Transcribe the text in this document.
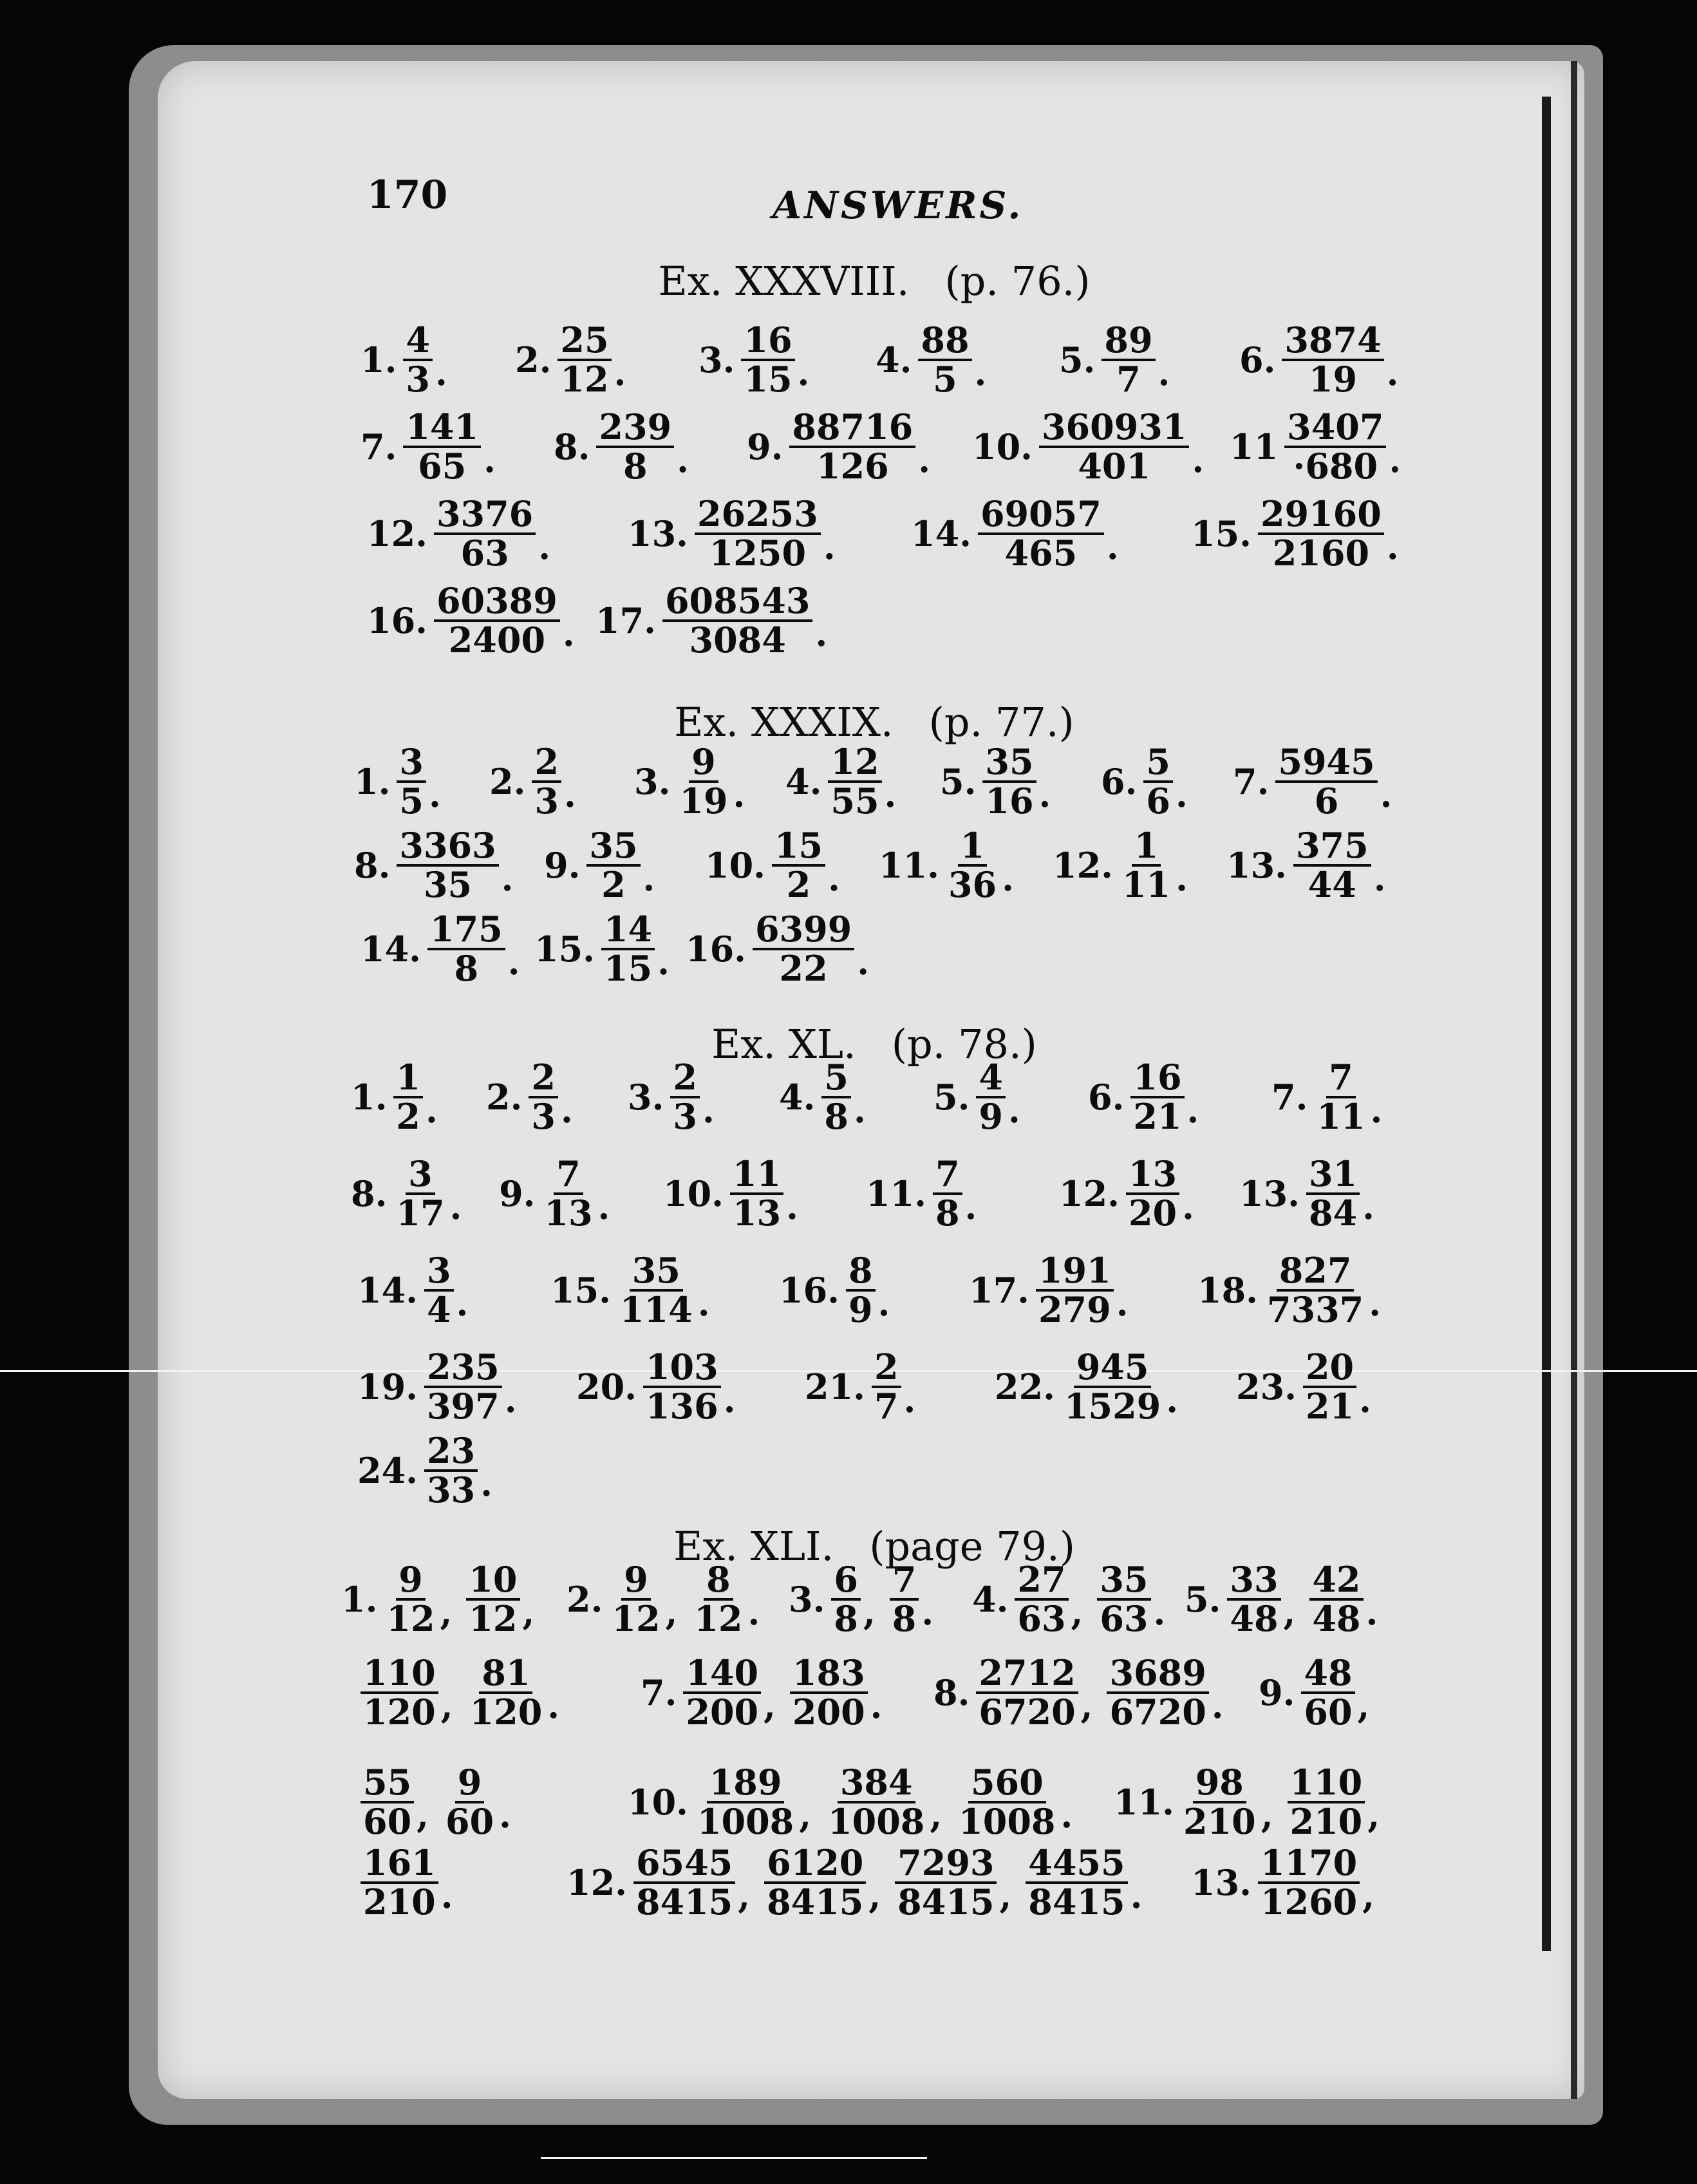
170	ANSWERS.
Ex. XXXVIII. (p. 76.)
Ex. XXXIX. (p. 77.)
Ex. XL. (p. 78.)
Ex. XLI. (page 79.)
1. $\frac{4}{3}$ . 2. $\frac{25}{12}$ . 3. $\frac{16}{15}$ . 4. $\frac{88}{5}$ . 5. $\frac{89}{7}$ . 6. $\frac{3874}{19}$ .
7. $\frac{141}{65}$ . 8. $\frac{239}{8}$ . 9. $\frac{88716}{126}$ . 10. $\frac{360931}{401}$ . $11 \frac{3407}{\cdot 680}$ .
12. $\frac{3376}{63}$ . 13. $\frac{26253}{1250}$ . 14. $\frac{69057}{465}$ . 15. $\frac{29160}{2160}$ .
16. $\frac{60389}{2400}$ . 17. $\frac{608543}{3084}$ .
1. $\frac{3}{5}$ . 2. $\frac{2}{3}$ . 3. $\frac{9}{19}$ . 4. $\frac{12}{55}$ . 5. $\frac{35}{16}$ . 6. $\frac{5}{6}$ . 7. $\frac{5945}{6}$ .
8. $\frac{3363}{35}$ . 9. $\frac{35}{2}$ . 10. $\frac{15}{2}$ . 11. $\frac{1}{36}$ . 12. $\frac{1}{11}$ . 13. $\frac{375}{44}$ .
14. $\frac{175}{8}$ . 15. $\frac{14}{15}$ . 16. $\frac{6399}{22}$ .
1. $\frac{1}{2}$ . 2. $\frac{2}{3}$ . 3. $\frac{2}{3}$ . 4. $\frac{5}{8}$ . 5. $\frac{4}{9}$ . 6. $\frac{16}{21}$ . 7. $\frac{7}{11}$ .
8. $\frac{3}{17}$ . 9. $\frac{7}{13}$ . 10. $\frac{11}{13}$ . 11. $\frac{7}{8}$ . 12. $\frac{13}{20}$ . 13. $\frac{31}{84}$ .
14. $\frac{3}{4}$ . 15. $\frac{35}{114}$ . 16. $\frac{8}{9}$ . 17. $\frac{191}{279}$ . 18. $\frac{827}{7337}$ .
19. $\frac{235}{397}$ . 20. $\frac{103}{136}$ . 21. $\frac{2}{7}$ . 22. $\frac{945}{1529}$ . 23. $\frac{20}{21}$ .
24. $\frac{23}{33}$ .
1. $\frac{9}{12}$ , $\frac{10}{12}$ , 2. $\frac{9}{12}$ , $\frac{8}{12}$ . 3. $\frac{6}{8}$ , $\frac{7}{8}$ . 4. $\frac{27}{63}$ , $\frac{35}{63}$ . 5. $\frac{33}{48}$ , $\frac{42}{48}$ .
$\frac{110}{120}$ , $\frac{81}{120}$ . 7. $\frac{140}{200}$ , $\frac{183}{200}$ . 8. $\frac{2712}{6720}$ , $\frac{3689}{6720}$ . 9. $\frac{48}{60}$ ,
$\frac{55}{60}$ , $\frac{9}{60}$ .	10. $\frac{189}{1008}$ , $\frac{384}{1008}$ , $\frac{560}{1008}$ . 11. $\frac{98}{210}$ , $\frac{110}{210}$ ,
$\frac{161}{210}$ .	12. $\frac{6545}{8415}$ , $\frac{6120}{8415}$ , $\frac{7293}{8415}$ , $\frac{4455}{8415}$ . 13. $\frac{1170}{1260}$ ,
